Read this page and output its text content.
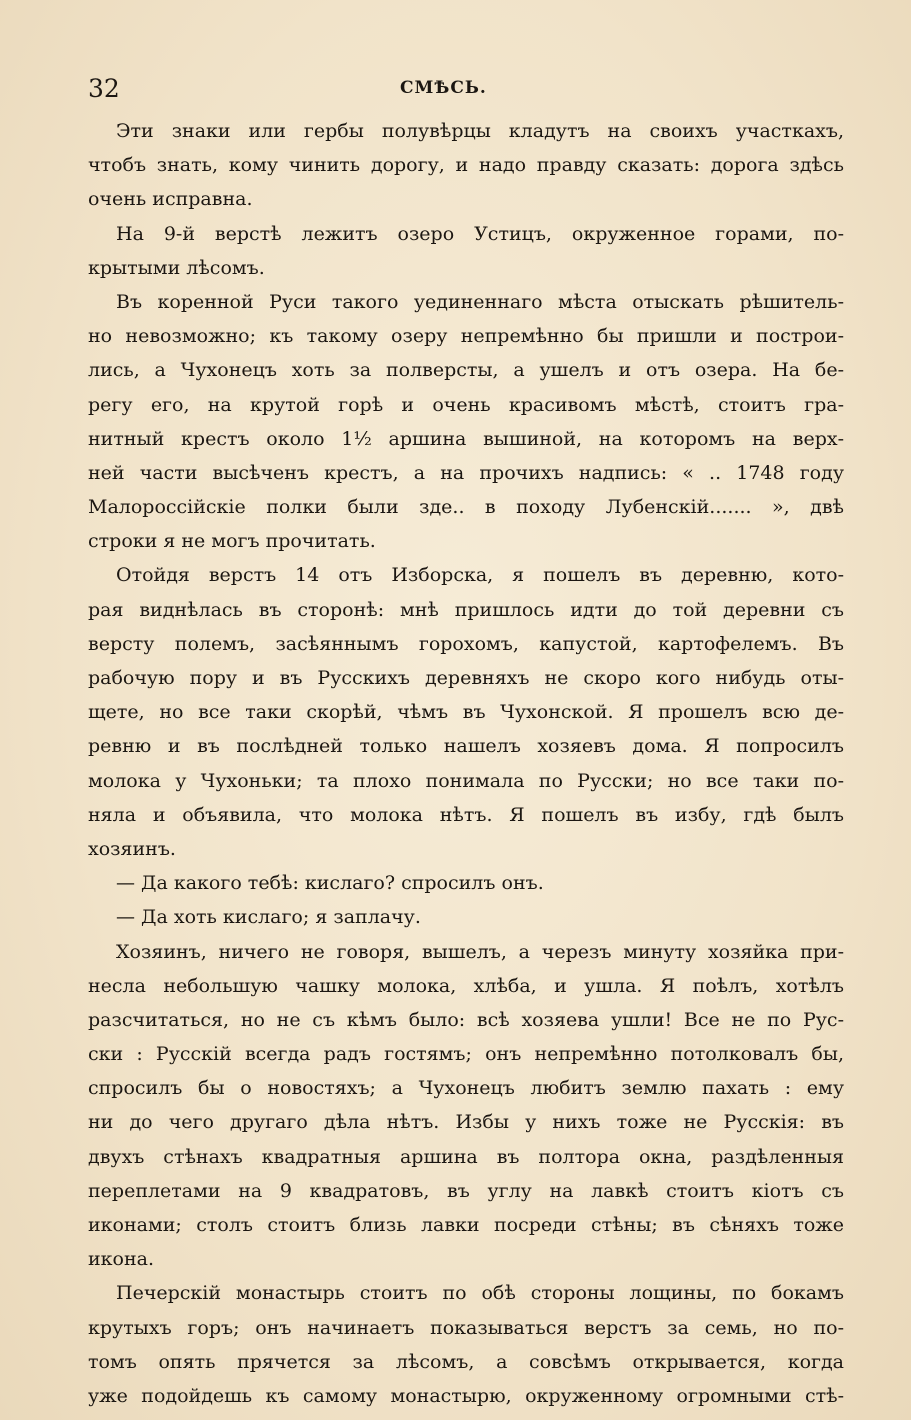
32	СМѢСЬ.
Эти знаки или гербы полувѣрцы кладутъ на своихъ участкахъ,
чтобъ знать, кому чинить дорогу, и надо правду сказать: дорога здѣсь
очень исправна.
На 9-й верстѣ лежитъ озеро Устицъ, окруженное горами, по-
крытыми лѣсомъ.
Въ коренной Руси такого уединеннаго мѣста отыскать рѣшитель-
но невозможно; къ такому озеру непремѣнно бы пришли и построи-
лись, а Чухонецъ хоть за полверсты, а ушелъ и отъ озера. На бе-
регу его, на крутой горѣ и очень красивомъ мѣстѣ, стоитъ гра-
нитный крестъ около 1½ аршина вышиной, на которомъ на верх-
ней части высѣченъ крестъ, а на прочихъ надпись: « .. 1748 году
Малороссійскіе полки были зде.. в походу Лубенскій....... », двѣ
строки я не могъ прочитать.
Отойдя верстъ 14 отъ Изборска, я пошелъ въ деревню, кото-
рая виднѣлась въ сторонѣ: мнѣ пришлось идти до той деревни съ
версту полемъ, засѣяннымъ горохомъ, капустой, картофелемъ. Въ
рабочую пору и въ Русскихъ деревняхъ не скоро кого нибудь оты-
щете, но все таки скорѣй, чѣмъ въ Чухонской. Я прошелъ всю де-
ревню и въ послѣдней только нашелъ хозяевъ дома. Я попросилъ
молока у Чухоньки; та плохо понимала по Русски; но все таки по-
няла и объявила, что молока нѣтъ. Я пошелъ въ избу, гдѣ былъ
хозяинъ.
— Да какого тебѣ: кислаго? спросилъ онъ.
— Да хоть кислаго; я заплачу.
Хозяинъ, ничего не говоря, вышелъ, а черезъ минуту хозяйка при-
несла небольшую чашку молока, хлѣба, и ушла. Я поѣлъ, хотѣлъ
разсчитаться, но не съ кѣмъ было: всѣ хозяева ушли! Все не по Рус-
ски : Русскій всегда радъ гостямъ; онъ непремѣнно потолковалъ бы,
спросилъ бы о новостяхъ; а Чухонецъ любитъ землю пахать : ему
ни до чего другаго дѣла нѣтъ. Избы у нихъ тоже не Русскія: въ
двухъ стѣнахъ квадратныя аршина въ полтора окна, раздѣленныя
переплетами на 9 квадратовъ, въ углу на лавкѣ стоитъ кіотъ съ
иконами; столъ стоитъ близь лавки посреди стѣны; въ сѣняхъ тоже
икона.
Печерскій монастырь стоитъ по обѣ стороны лощины, по бокамъ
крутыхъ горъ; онъ начинаетъ показываться верстъ за семь, но по-
томъ опять прячется за лѣсомъ, а совсѣмъ открывается, когда
уже подойдешь къ самому монастырю, окруженному огромными стѣ-
